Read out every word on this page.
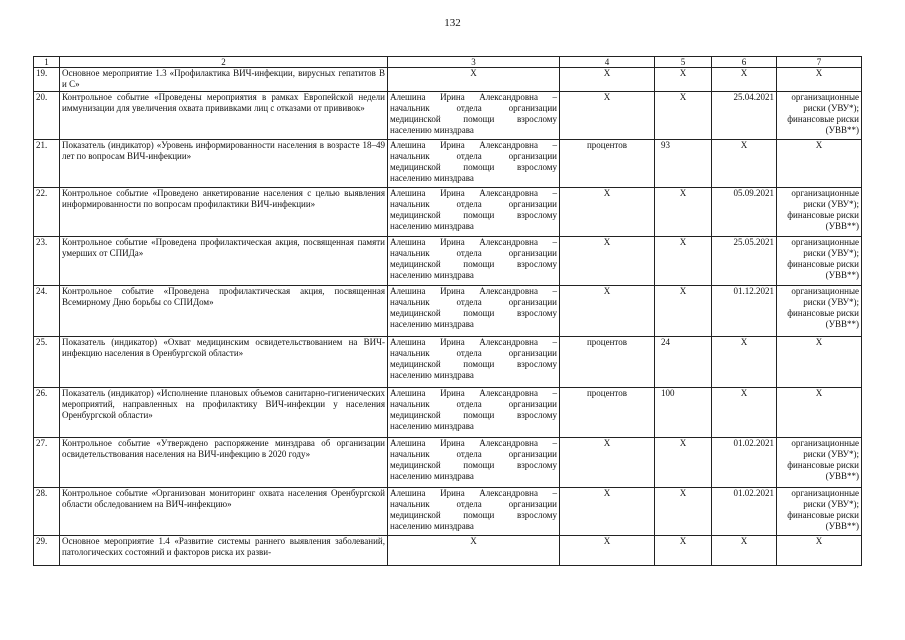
132
1	2	3	4	5	6	7
19.	Основное мероприятие 1.3 «Профилактика ВИЧ-инфекции, вирусных гепатитов В и С»	X	X	X	X	X

20.	Контрольное событие «Проведены мероприятия в рамках Европейской недели иммунизации для увеличения охвата прививками лиц с отказами от прививок»	Алешина Ирина Александровна – начальник отдела организации медицинской помощи взрослому населению минздрава	X	X	25.04.2021	организационные
риски (УВУ*);
финансовые риски
(УВВ**)

21.	Показатель (индикатор) «Уровень информированности населения в возрасте 18–49 лет по вопросам ВИЧ-инфекции»	Алешина Ирина Александровна – начальник отдела организации медицинской помощи взрослому населению минздрава	процентов	93	X	X

22.	Контрольное событие «Проведено анкетирование населения с целью выявления информированности по вопросам профилактики ВИЧ-инфекции»	Алешина Ирина Александровна – начальник отдела организации медицинской помощи взрослому населению минздрава	X	X	05.09.2021	организационные
риски (УВУ*);
финансовые риски
(УВВ**)

23.	Контрольное событие «Проведена профилактическая акция, посвященная памяти умерших от СПИДа»	Алешина Ирина Александровна – начальник отдела организации медицинской помощи взрослому населению минздрава	X	X	25.05.2021	организационные
риски (УВУ*);
финансовые риски
(УВВ**)

24.	Контрольное событие «Проведена профилактическая акция, посвященная Всемирному Дню борьбы со СПИДом»	Алешина Ирина Александровна – начальник отдела организации медицинской помощи взрослому населению минздрава	X	X	01.12.2021	организационные
риски (УВУ*);
финансовые риски
(УВВ**)

25.	Показатель (индикатор) «Охват медицинским освидетельствованием на ВИЧ-инфекцию населения в Оренбургской области»	Алешина Ирина Александровна – начальник отдела организации медицинской помощи взрослому населению минздрава	процентов	24	X	X

26.	Показатель (индикатор) «Исполнение плановых объемов санитарно-гигиенических мероприятий, направленных на профилактику ВИЧ-инфекции у населения Оренбургской области»	Алешина Ирина Александровна – начальник отдела организации медицинской помощи взрослому населению минздрава	процентов	100	X	X

27.	Контрольное событие «Утверждено распоряжение минздрава об организации освидетельствования населения на ВИЧ-инфекцию в 2020 году»	Алешина Ирина Александровна – начальник отдела организации медицинской помощи взрослому населению минздрава	X	X	01.02.2021	организационные
риски (УВУ*);
финансовые риски
(УВВ**)

28.	Контрольное событие «Организован мониторинг охвата населения Оренбургской области обследованием на ВИЧ-инфекцию»	Алешина Ирина Александровна – начальник отдела организации медицинской помощи взрослому населению минздрава	X	X	01.02.2021	организационные
риски (УВУ*);
финансовые риски
(УВВ**)

29.	Основное мероприятие 1.4 «Развитие системы раннего выявления заболеваний, патологических состояний и факторов риска их разви-	X	X	X	X	X
